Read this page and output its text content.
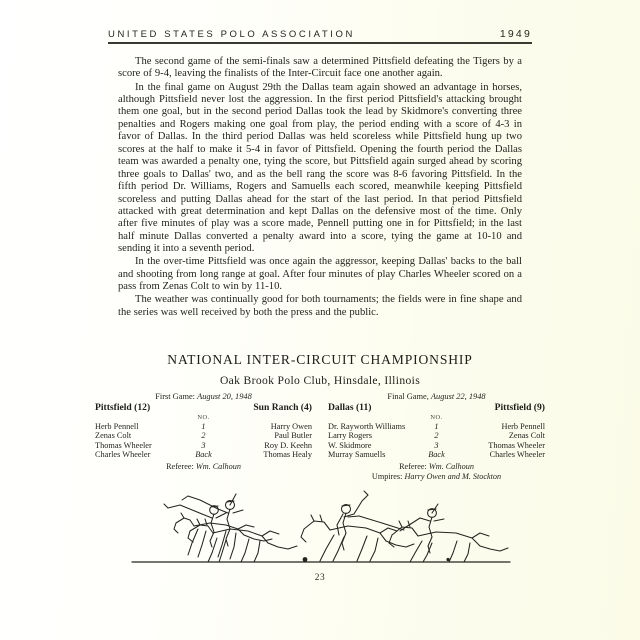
UNITED STATES POLO ASSOCIATION	1949

The second game of the semi-finals saw a determined Pittsfield defeating the Tigers by a score of 9-4, leaving the finalists of the Inter-Circuit face one another again.

In the final game on August 29th the Dallas team again showed an advantage in horses, although Pittsfield never lost the aggression. In the first period Pittsfield's attacking brought them one goal, but in the second period Dallas took the lead by Skidmore's converting three penalties and Rogers making one goal from play, the period ending with a score of 4-3 in favor of Dallas. In the third period Dallas was held scoreless while Pittsfield hung up two scores at the half to make it 5-4 in favor of Pittsfield. Opening the fourth period the Dallas team was awarded a penalty one, tying the score, but Pittsfield again surged ahead by scoring three goals to Dallas' two, and as the bell rang the score was 8-6 favoring Pittsfield. In the fifth period Dr. Williams, Rogers and Samuells each scored, meanwhile keeping Pittsfield scoreless and putting Dallas ahead for the start of the last period. In that period Pittsfield attacked with great determination and kept Dallas on the defensive most of the time. Only after five minutes of play was a score made, Pennell putting one in for Pittsfield; in the last half minute Dallas converted a penalty award into a score, tying the game at 10-10 and sending it into a seventh period.

In the over-time Pittsfield was once again the aggressor, keeping Dallas' backs to the ball and shooting from long range at goal. After four minutes of play Charles Wheeler scored on a pass from Zenas Colt to win by 11-10.

The weather was continually good for both tournaments; the fields were in fine shape and the series was well received by both the press and the public.

NATIONAL INTER-CIRCUIT CHAMPIONSHIP
Oak Brook Polo Club, Hinsdale, Illinois
First Game: August 20, 1948
Pittsfield (12)	Sun Ranch (4)
NO.
Herb Pennell	1	Harry Owen
Zenas Colt	2	Paul Butler
Thomas Wheeler	3	Roy D. Keehn
Charles Wheeler	Back	Thomas Healy
Referee: Wm. Calhoun
Final Game, August 22, 1948
Dallas (11)	Pittsfield (9)
NO.
Dr. Rayworth Williams	1	Herb Pennell
Larry Rogers	2	Zenas Colt
W. Skidmore	3	Thomas Wheeler
Murray Samuells	Back	Charles Wheeler
Referee: Wm. Calhoun
Umpires: Harry Owen and M. Stockton
23
